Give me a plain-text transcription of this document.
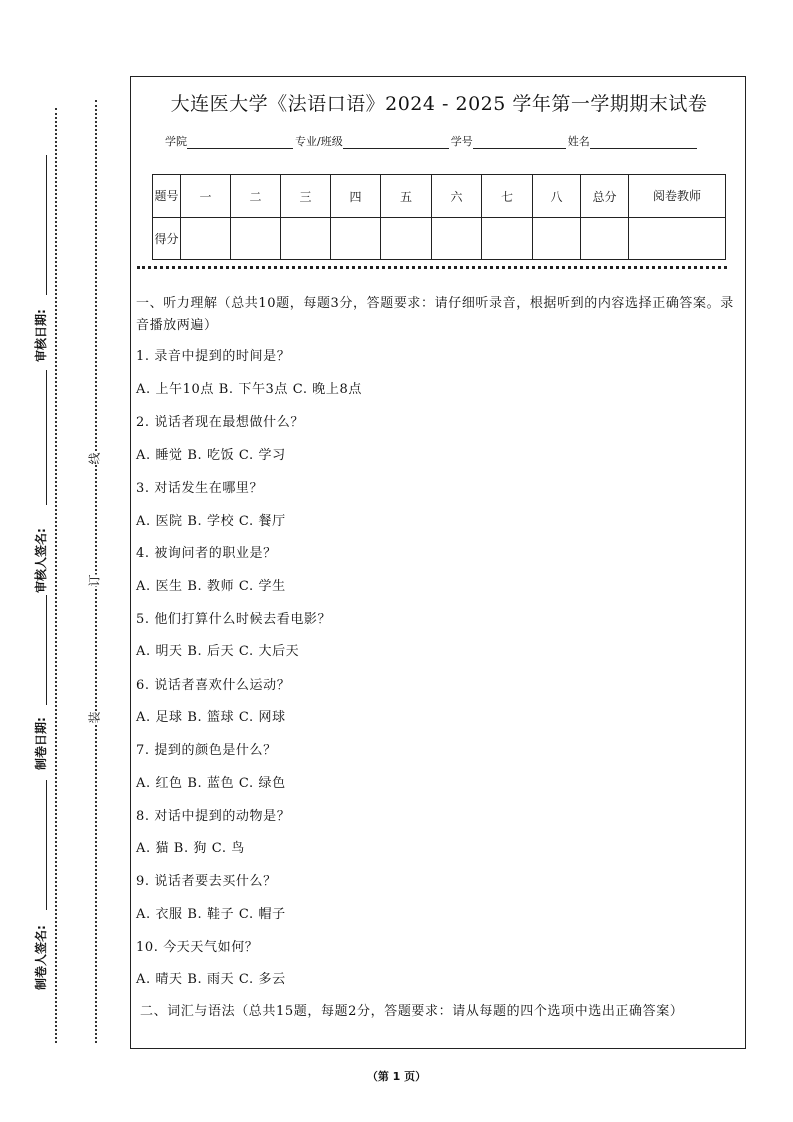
审核日期:
审核人签名:
制卷日期:
制卷人签名:
线
订
装
大连医大学《法语口语》2024 - 2025 学年第一学期期末试卷
学院	专业/班级	学号	姓名
题号	一	二	三	四	五	六	七	八	总分	阅卷教师
得分										

一、听力理解（总共10题，每题3分，答题要求：请仔细听录音，根据听到的内容选择正确答案。录音播放两遍）

1. 录音中提到的时间是？

A. 上午10点 B. 下午3点 C. 晚上8点

2. 说话者现在最想做什么？

A. 睡觉 B. 吃饭 C. 学习

3. 对话发生在哪里？

A. 医院 B. 学校 C. 餐厅

4. 被询问者的职业是？

A. 医生 B. 教师 C. 学生

5. 他们打算什么时候去看电影？

A. 明天 B. 后天 C. 大后天

6. 说话者喜欢什么运动？

A. 足球 B. 篮球 C. 网球

7. 提到的颜色是什么？

A. 红色 B. 蓝色 C. 绿色

8. 对话中提到的动物是？

A. 猫 B. 狗 C. 鸟

9. 说话者要去买什么？

A. 衣服 B. 鞋子 C. 帽子

10. 今天天气如何？

A. 晴天 B. 雨天 C. 多云

二、词汇与语法（总共15题，每题2分，答题要求：请从每题的四个选项中选出正确答案）

（第 1 页）
